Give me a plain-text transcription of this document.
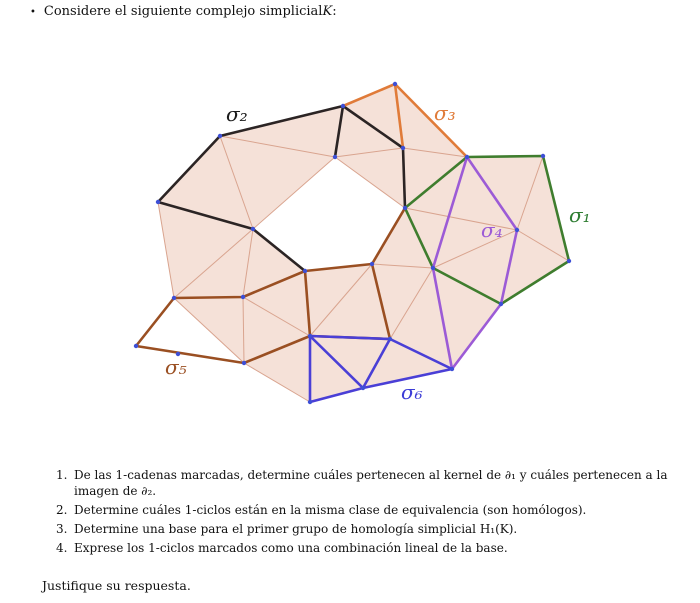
• Considere el siguiente complejo simplicial K :
σ₂	σ₃
σ₁
σ₄
σ₅
σ₆
1. De las 1-cadenas marcadas, determine cuáles pertenecen al kernel de ∂₁ y cuáles pertenecen a la imagen de ∂₂.
2. Determine cuáles 1-ciclos están en la misma clase de equivalencia (son homólogos).
3. Determine una base para el primer grupo de homología simplicial H₁(K).
4. Exprese los 1-ciclos marcados como una combinación lineal de la base.
Justifique su respuesta.
